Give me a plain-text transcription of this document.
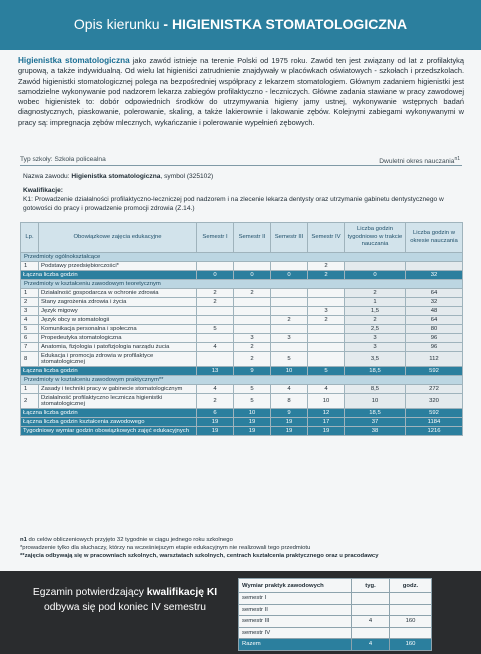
Opis kierunku - HIGIENISTKA STOMATOLOGICZNA
Higienistka stomatologiczna jako zawód istnieje na terenie Polski od 1975 roku. Zawód ten jest związany od lat z profilaktyką grupową, a także indywidualną. Od wielu lat higieniści zatrudnienie znajdywały w placówkach oświatowych - szkołach i przedszkolach. Zawód higienistki stomatologicznej polega na bezpośredniej współpracy z lekarzem stomatologiem. Głównym zadaniem higienistki jest samodzielne wykonywanie pod nadzorem lekarza zabiegów profilaktyczno - leczniczych. Główne zadania stawiane w pracy zawodowej wobec higienistek to: dobór odpowiednich środków do utrzymywania higieny jamy ustnej, wykonywanie wstępnych badań diagnostycznych, piaskowanie, polerowanie, skaling, a także lakierownie i lakowanie zębów. Kolejnymi zabiegami wykonywanymi w pracy są: impregnacja zębów mlecznych, wykańczanie i polerowanie wypełnień zębowych.
Typ szkoły: Szkoła policealna	Dwuletni okres nauczania$^{n1}$
Nazwa zawodu: Higienistka stomatologiczna, symbol (325102)
Kwalifikacje:
K1: Prowadzenie działalności profilaktyczno-leczniczej pod nadzorem i na zlecenie lekarza dentysty oraz utrzymanie gabinetu dentystycznego w gotowości do pracy i prowadzenie promocji zdrowia (Z.14.)
Lp.	Obowiązkowe zajęcia edukacyjne	Semestr I	Semestr II	Semestr III	Semestr IV	Liczba godzin tygodniowo w trakcie nauczania	Liczba godzin w okresie nauczania
Przedmioty ogólnokształcące							
1	Podstawy przedsiębiorczości*				2		
Łączna liczba godzin		0	0	0	2	0	32
Przedmioty w kształceniu zawodowym teoretycznym							
1	Działalność gospodarcza w ochronie zdrowia	2	2			2	64
2	Stany zagrożenia zdrowia i życia	2				1	32
3	Język migowy				3	1,5	48
4	Język obcy w stomatologii			2	2	2	64
5	Komunikacja personalna i społeczna	5				2,5	80
6	Propedeutyka stomatologiczna		3	3		3	96
7	Anatomia, fizjologia i patofizjologia narządu żucia	4	2			3	96
8	Edukacja i promocja zdrowia w profilaktyce stomatologicznej		2	5		3,5	112
Łączna liczba godzin		13	9	10	5	18,5	592
Przedmioty w kształceniu zawodowym praktycznym**							
1	Zasady i techniki pracy w gabinecie stomatologicznym	4	5	4	4	8,5	272
2	Działalność profilaktyczno lecznicza higienistki stomatologicznej	2	5	8	10	10	320
Łączna liczba godzin		6	10	9	12	18,5	592
Łączna liczba godzin kształcenia zawodowego		19	19	19	17	37	1184
Tygodniowy wymiar godzin obowiązkowych zajęć edukacyjnych		19	19	19	19	38	1216
n1 do celów obliczeniowych przyjęto 32 tygodnie w ciągu jednego roku szkolnego
*prowadzenie tylko dla słuchaczy, którzy na wcześniejszym etapie edukacyjnym nie realizowali tego przedmiotu
**zajęcia odbywają się w pracowniach szkolnych, warsztatach szkolnych, centrach kształcenia praktycznego oraz u pracodawcy
Egzamin potwierdzający kwalifikację KI
odbywa się pod koniec IV semestru
Wymiar praktyk zawodowych	tyg.	godz.
semestr I		
semestr II		
semestr III	4	160
semestr IV		
Razem	4	160
